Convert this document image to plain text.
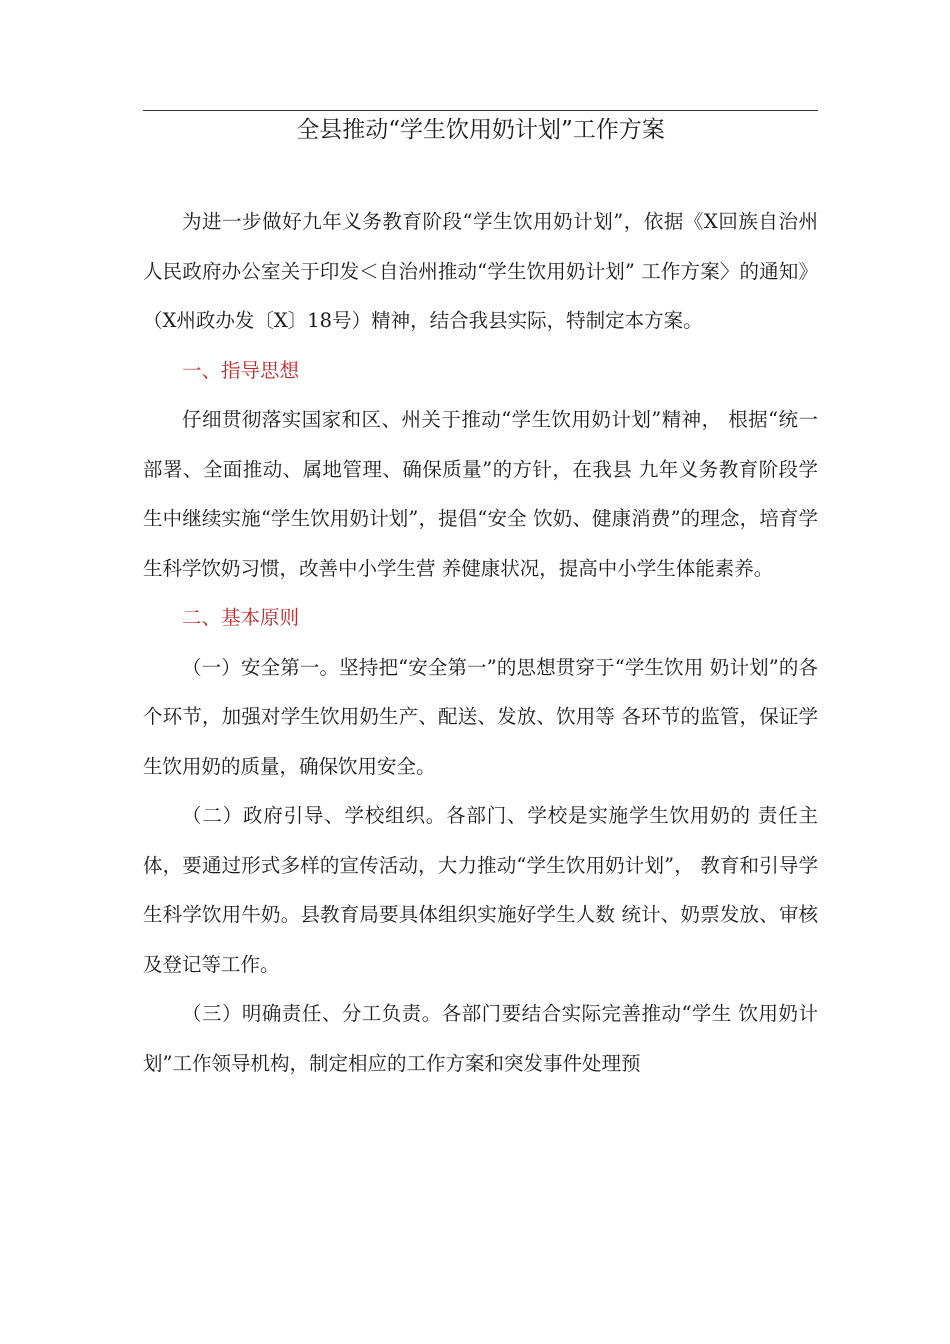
全县推动“学生饮用奶计划”工作方案

为进一步做好九年义务教育阶段“学生饮用奶计划”，依据《X回族自治州人民政府办公室关于印发＜自治州推动“学生饮用奶计划” 工作方案〉的通知》（X州政办发〔X〕18号）精神，结合我县实际，特制定本方案。

一、指导思想

仔细贯彻落实国家和区、州关于推动“学生饮用奶计划”精神， 根据“统一部署、全面推动、属地管理、确保质量”的方针，在我县 九年义务教育阶段学生中继续实施“学生饮用奶计划”，提倡“安全 饮奶、健康消费”的理念，培育学生科学饮奶习惯，改善中小学生营 养健康状况，提高中小学生体能素养。

二、基本原则

（一）安全第一。坚持把“安全第一”的思想贯穿于“学生饮用 奶计划”的各个环节，加强对学生饮用奶生产、配送、发放、饮用等 各环节的监管，保证学生饮用奶的质量，确保饮用安全。

（二）政府引导、学校组织。各部门、学校是实施学生饮用奶的 责任主体，要通过形式多样的宣传活动，大力推动“学生饮用奶计划”， 教育和引导学生科学饮用牛奶。县教育局要具体组织实施好学生人数 统计、奶票发放、审核及登记等工作。

（三）明确责任、分工负责。各部门要结合实际完善推动“学生 饮用奶计划”工作领导机构，制定相应的工作方案和突发事件处理预
